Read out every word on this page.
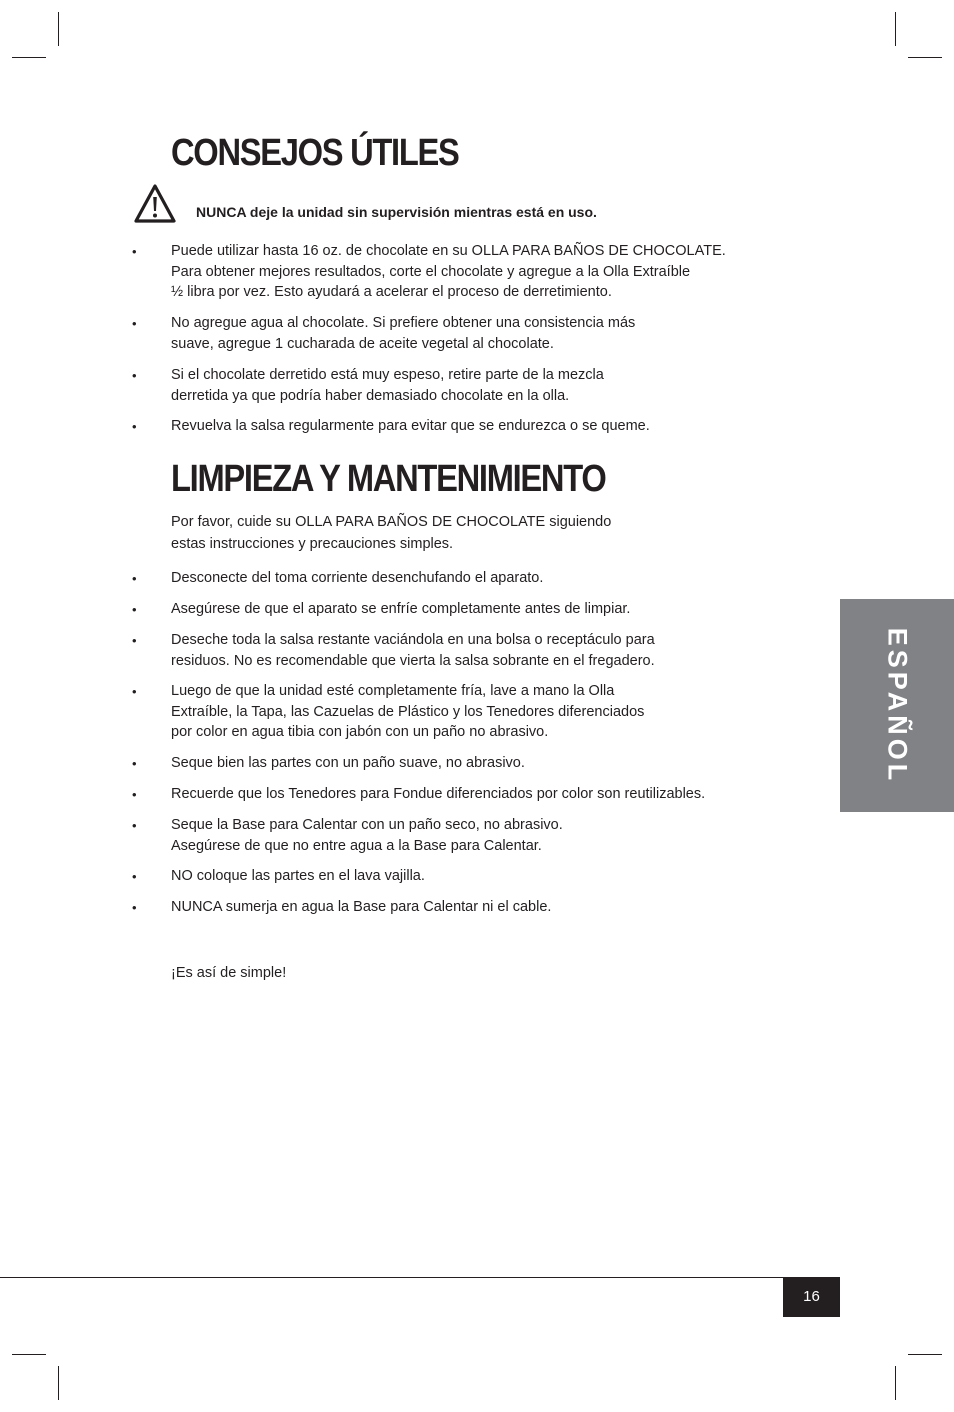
CONSEJOS ÚTILES
NUNCA deje la unidad sin supervisión mientras está en uso.
• Puede utilizar hasta 16 oz. de chocolate en su OLLA PARA BAÑOS DE CHOCOLATE.
Para obtener mejores resultados, corte el chocolate y agregue a la Olla Extraíble
½ libra por vez. Esto ayudará a acelerar el proceso de derretimiento.
• No agregue agua al chocolate. Si prefiere obtener una consistencia más
suave, agregue 1 cucharada de aceite vegetal al chocolate.
• Si el chocolate derretido está muy espeso, retire parte de la mezcla
derretida ya que podría haber demasiado chocolate en la olla.
• Revuelva la salsa regularmente para evitar que se endurezca o se queme.
LIMPIEZA Y MANTENIMIENTO
Por favor, cuide su OLLA PARA BAÑOS DE CHOCOLATE siguiendo
estas instrucciones y precauciones simples.
• Desconecte del toma corriente desenchufando el aparato.
• Asegúrese de que el aparato se enfríe completamente antes de limpiar.
• Deseche toda la salsa restante vaciándola en una bolsa o receptáculo para
residuos. No es recomendable que vierta la salsa sobrante en el fregadero.
• Luego de que la unidad esté completamente fría, lave a mano la Olla
Extraíble, la Tapa, las Cazuelas de Plástico y los Tenedores diferenciados
por color en agua tibia con jabón con un paño no abrasivo.
• Seque bien las partes con un paño suave, no abrasivo.
• Recuerde que los Tenedores para Fondue diferenciados por color son reutilizables.
• Seque la Base para Calentar con un paño seco, no abrasivo.
Asegúrese de que no entre agua a la Base para Calentar.
• NO coloque las partes en el lava vajilla.
• NUNCA sumerja en agua la Base para Calentar ni el cable.
¡Es así de simple!
ESPAÑOL
16
